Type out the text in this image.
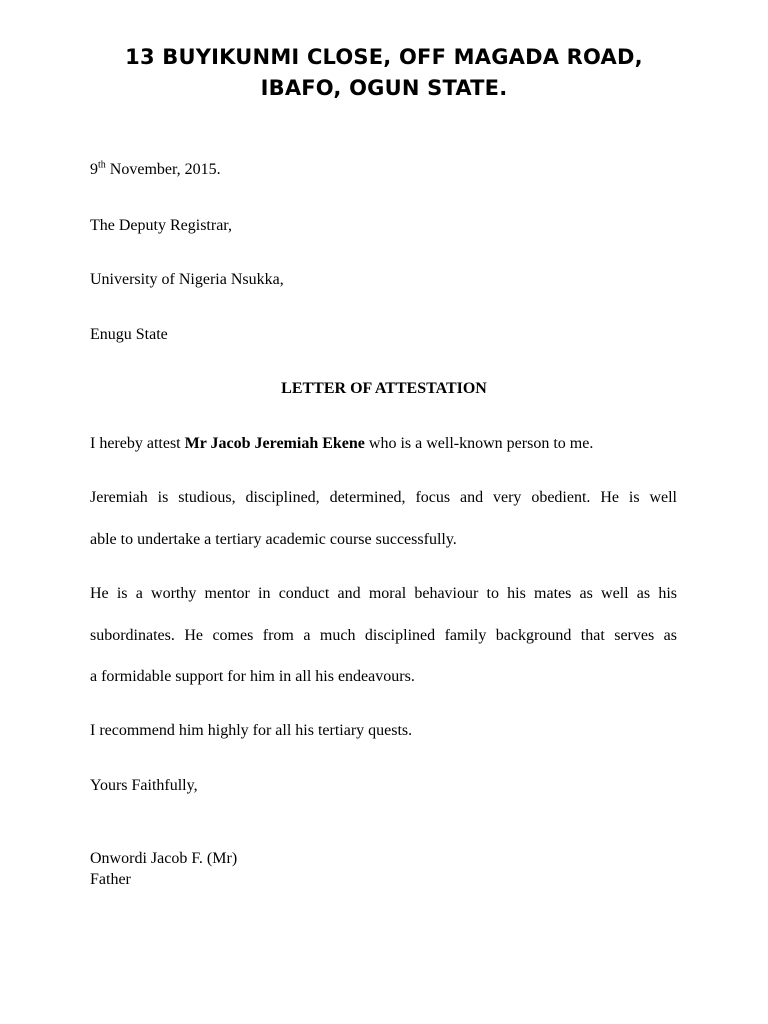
13 BUYIKUNMI CLOSE, OFF MAGADA ROAD,
IBAFO, OGUN STATE.
9th November, 2015.
The Deputy Registrar,
University of Nigeria Nsukka,
Enugu State
LETTER OF ATTESTATION
I hereby attest Mr Jacob Jeremiah Ekene who is a well-known person to me.
Jeremiah is studious, disciplined, determined, focus and very obedient. He is well
able to undertake a tertiary academic course successfully.
He is a worthy mentor in conduct and moral behaviour to his mates as well as his
subordinates. He comes from a much disciplined family background that serves as
a formidable support for him in all his endeavours.
I recommend him highly for all his tertiary quests.
Yours Faithfully,
Onwordi Jacob F. (Mr)
Father
